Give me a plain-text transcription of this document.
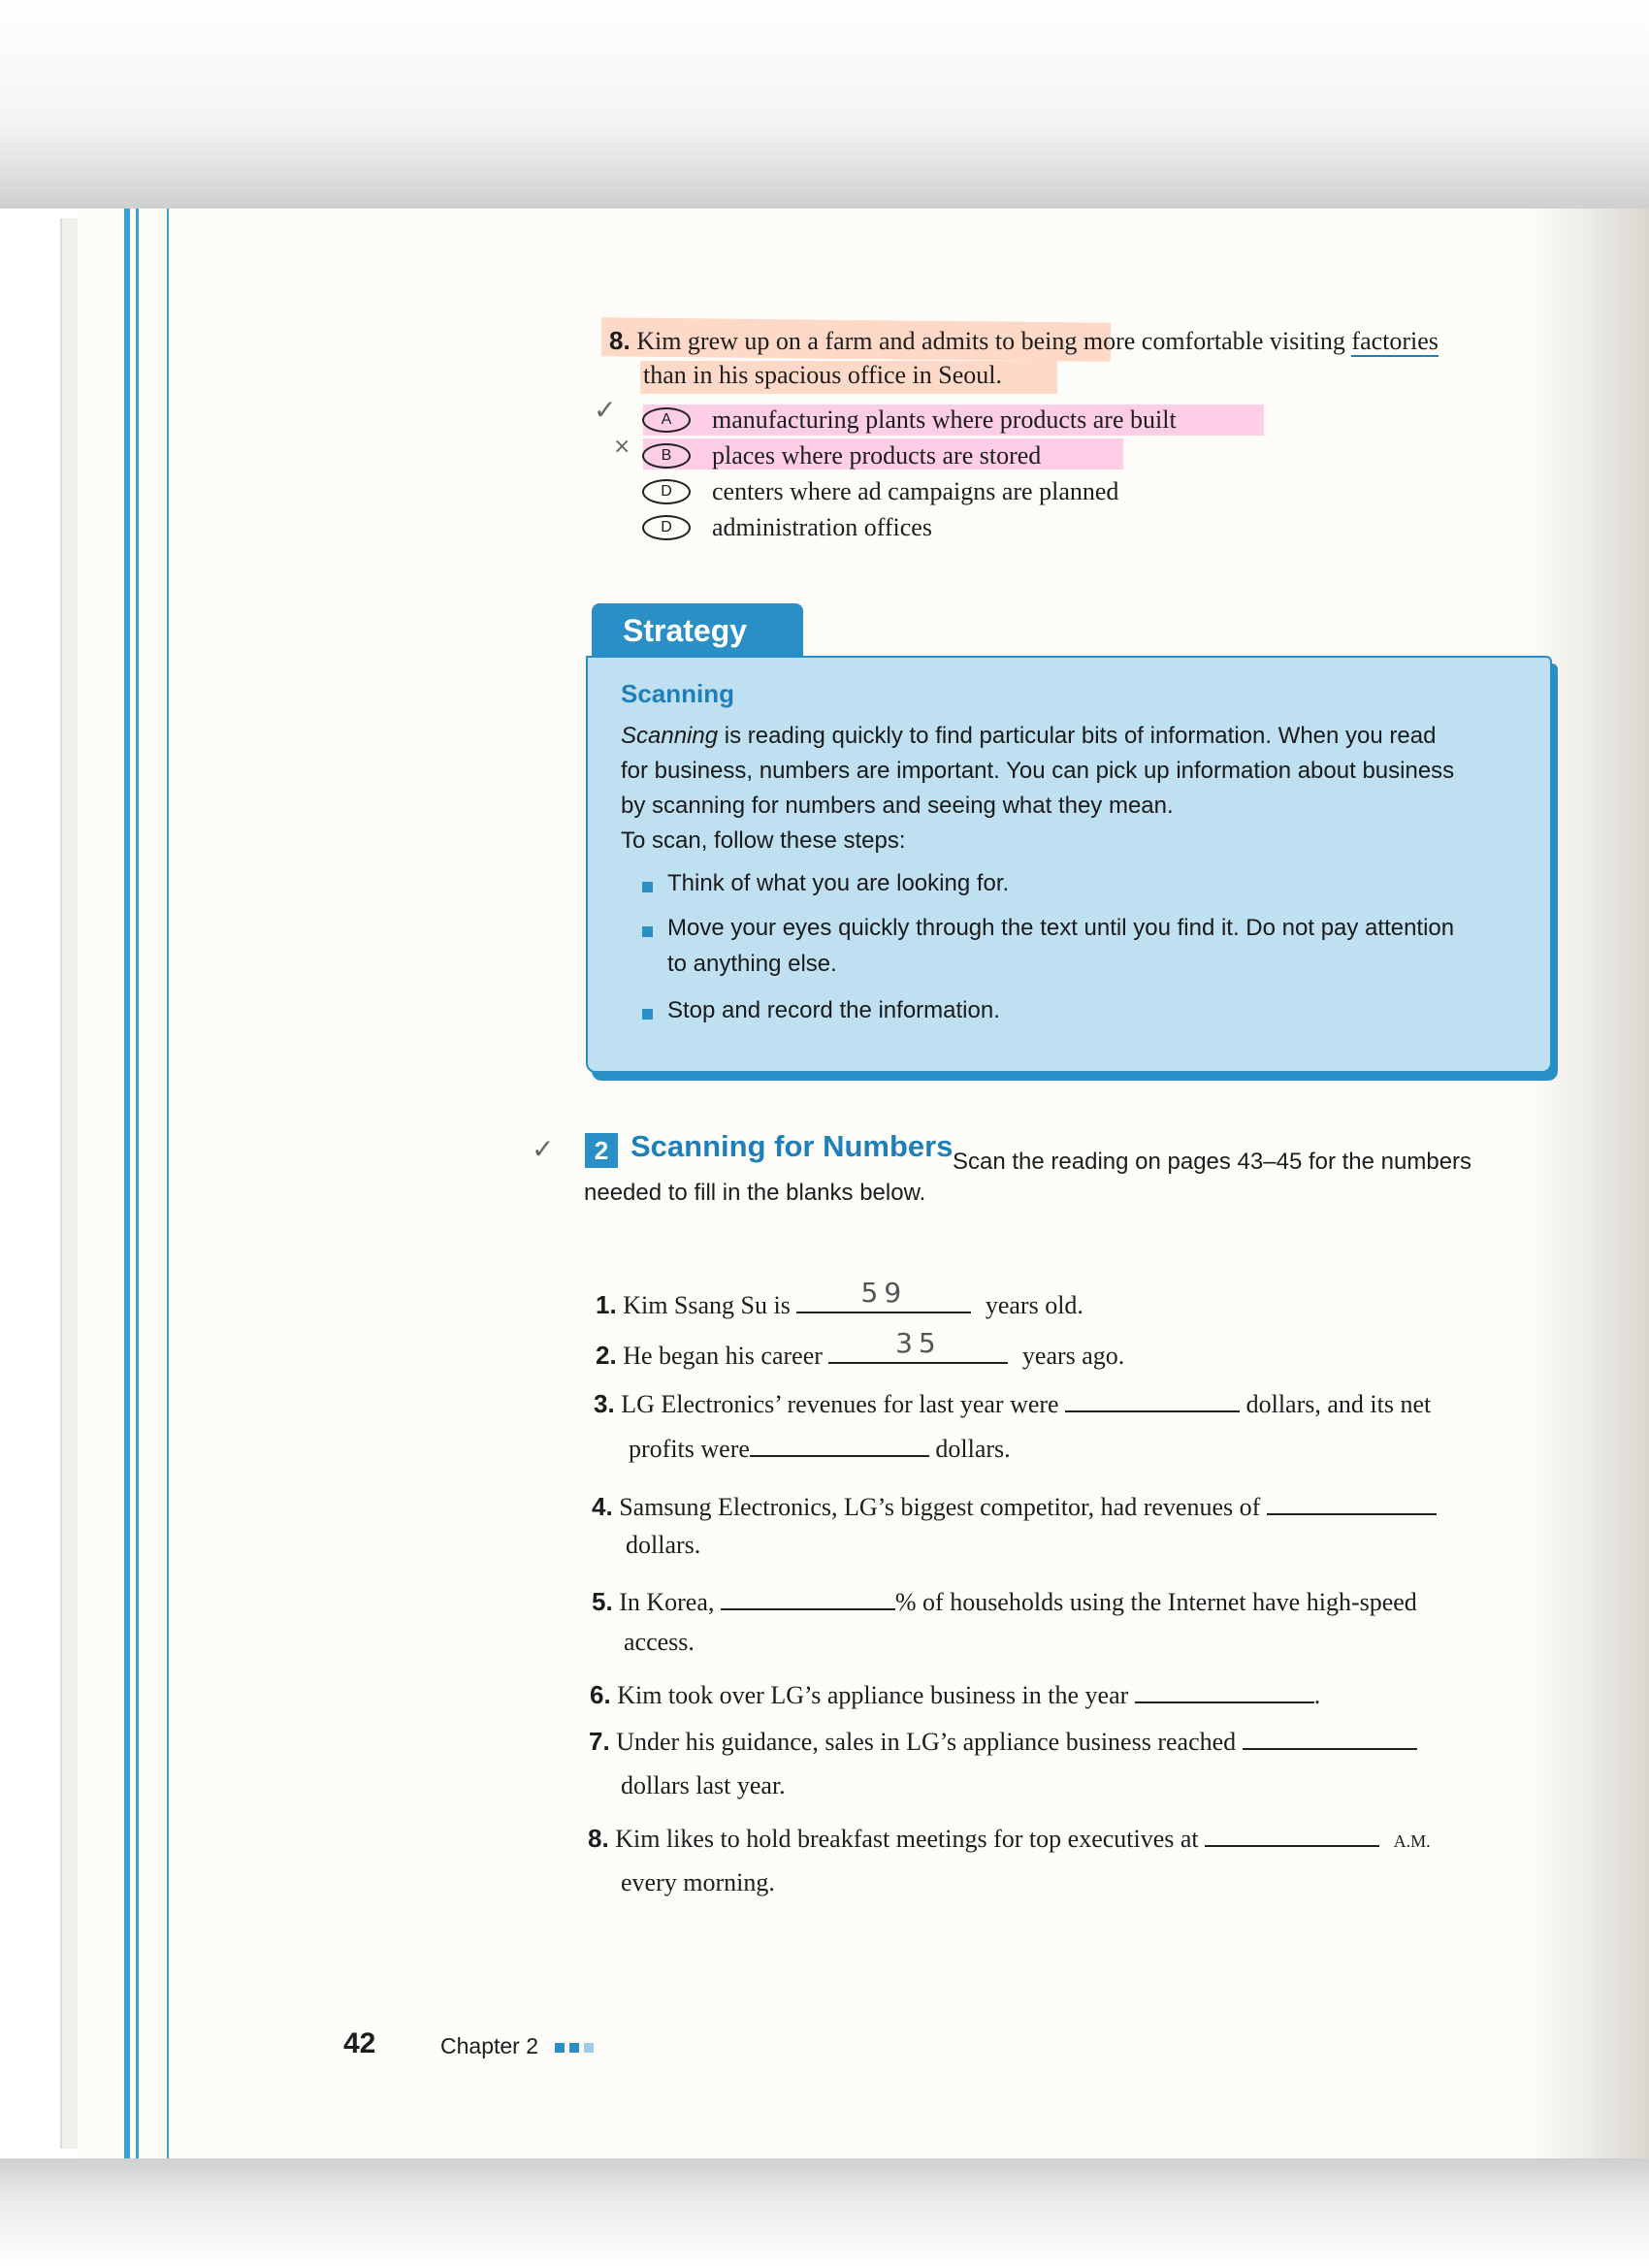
8. Kim grew up on a farm and admits to being more comfortable visiting factories
than in his spacious office in Seoul.
✓
×
A	manufacturing plants where products are built
B	places where products are stored
D	centers where ad campaigns are planned
D	administration offices
Strategy
Scanning
Scanning is reading quickly to find particular bits of information. When you read
for business, numbers are important. You can pick up information about business
by scanning for numbers and seeing what they mean.
To scan, follow these steps:
Think of what you are looking for.
Move your eyes quickly through the text until you find it. Do not pay attention
to anything else.
Stop and record the information.
✓	2 Scanning for Numbers Scan the reading on pages 43–45 for the numbers
needed to fill in the blanks below.
1. Kim Ssang Su is	59	years old.
2. He began his career	35	years ago.
3. LG Electronics’ revenues for last year were	dollars, and its net
profits were	dollars.
4. Samsung Electronics, LG’s biggest competitor, had revenues of
dollars.
5. In Korea,	% of households using the Internet have high-speed
access.
6. Kim took over LG’s appliance business in the year	.
7. Under his guidance, sales in LG’s appliance business reached
dollars last year.
8. Kim likes to hold breakfast meetings for top executives at	A.M.
every morning.
42	Chapter 2
